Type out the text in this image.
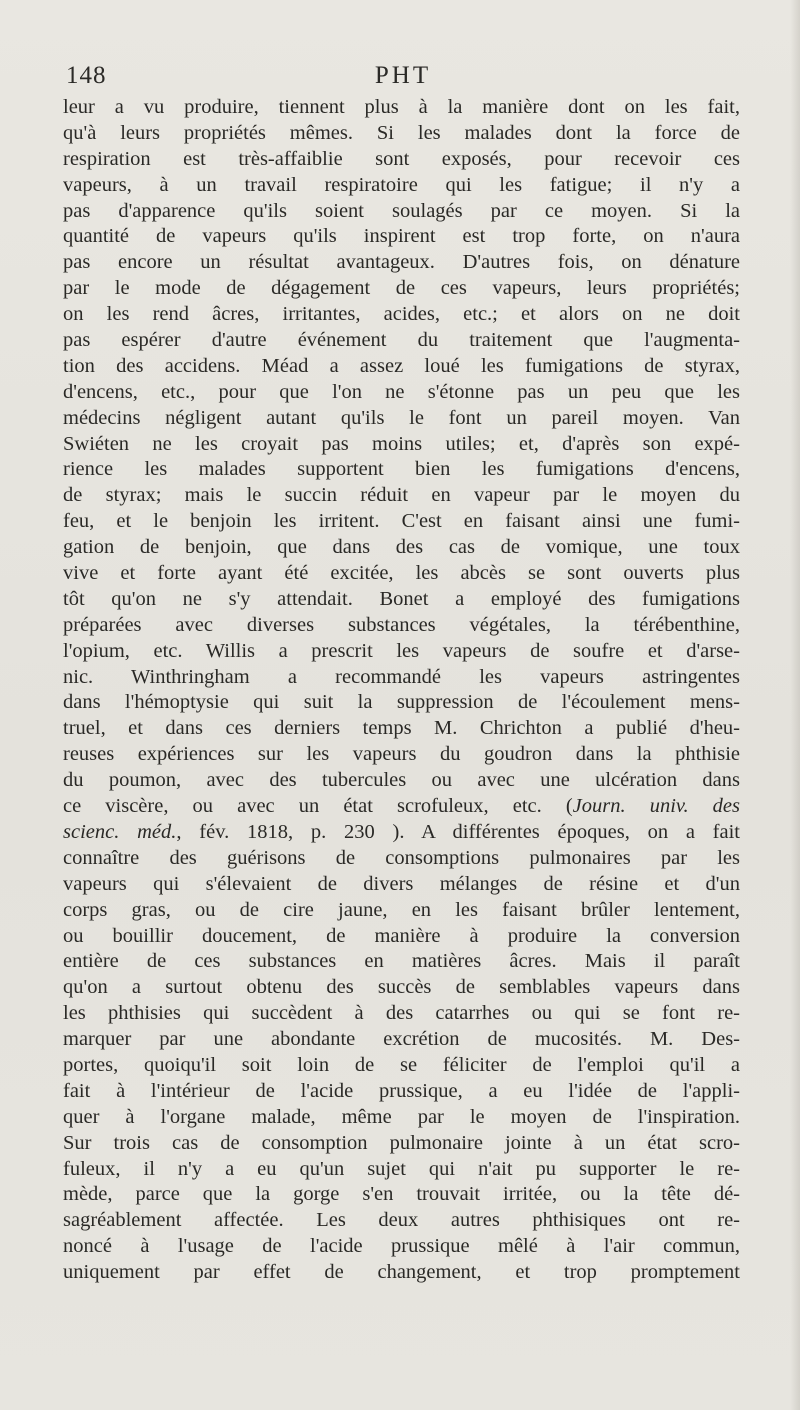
148	PHT
leur a vu produire, tiennent plus à la manière dont on les fait,
qu'à leurs propriétés mêmes. Si les malades dont la force de
respiration est très-affaiblie sont exposés, pour recevoir ces
vapeurs, à un travail respiratoire qui les fatigue; il n'y a
pas d'apparence qu'ils soient soulagés par ce moyen. Si la
quantité de vapeurs qu'ils inspirent est trop forte, on n'aura
pas encore un résultat avantageux. D'autres fois, on dénature
par le mode de dégagement de ces vapeurs, leurs propriétés;
on les rend âcres, irritantes, acides, etc.; et alors on ne doit
pas espérer d'autre événement du traitement que l'augmenta-
tion des accidens. Méad a assez loué les fumigations de styrax,
d'encens, etc., pour que l'on ne s'étonne pas un peu que les
médecins négligent autant qu'ils le font un pareil moyen. Van
Swiéten ne les croyait pas moins utiles; et, d'après son expé-
rience les malades supportent bien les fumigations d'encens,
de styrax; mais le succin réduit en vapeur par le moyen du
feu, et le benjoin les irritent. C'est en faisant ainsi une fumi-
gation de benjoin, que dans des cas de vomique, une toux
vive et forte ayant été excitée, les abcès se sont ouverts plus
tôt qu'on ne s'y attendait. Bonet a employé des fumigations
préparées avec diverses substances végétales, la térébenthine,
l'opium, etc. Willis a prescrit les vapeurs de soufre et d'arse-
nic. Winthringham a recommandé les vapeurs astringentes
dans l'hémoptysie qui suit la suppression de l'écoulement mens-
truel, et dans ces derniers temps M. Chrichton a publié d'heu-
reuses expériences sur les vapeurs du goudron dans la phthisie
du poumon, avec des tubercules ou avec une ulcération dans
ce viscère, ou avec un état scrofuleux, etc. (Journ. univ. des
scienc. méd., fév. 1818, p. 230 ). A différentes époques, on a fait
connaître des guérisons de consomptions pulmonaires par les
vapeurs qui s'élevaient de divers mélanges de résine et d'un
corps gras, ou de cire jaune, en les faisant brûler lentement,
ou bouillir doucement, de manière à produire la conversion
entière de ces substances en matières âcres. Mais il paraît
qu'on a surtout obtenu des succès de semblables vapeurs dans
les phthisies qui succèdent à des catarrhes ou qui se font re-
marquer par une abondante excrétion de mucosités. M. Des-
portes, quoiqu'il soit loin de se féliciter de l'emploi qu'il a
fait à l'intérieur de l'acide prussique, a eu l'idée de l'appli-
quer à l'organe malade, même par le moyen de l'inspiration.
Sur trois cas de consomption pulmonaire jointe à un état scro-
fuleux, il n'y a eu qu'un sujet qui n'ait pu supporter le re-
mède, parce que la gorge s'en trouvait irritée, ou la tête dé-
sagréablement affectée. Les deux autres phthisiques ont re-
noncé à l'usage de l'acide prussique mêlé à l'air commun,
uniquement par effet de changement, et trop promptement
